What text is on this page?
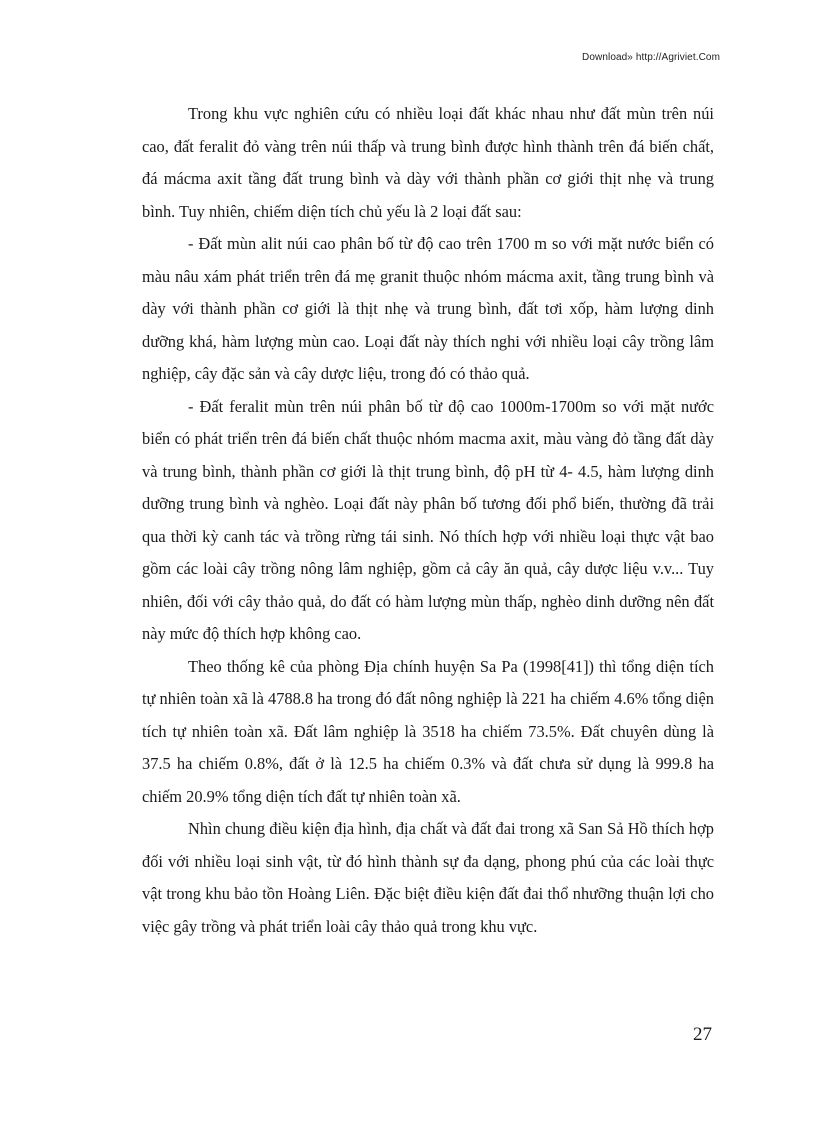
Download» http://Agriviet.Com

Trong khu vực nghiên cứu có nhiều loại đất khác nhau như đất mùn trên núi cao, đất feralit đỏ vàng trên núi thấp và trung bình được hình thành trên đá biến chất, đá mácma axit tầng đất trung bình và dày với thành phần cơ giới thịt nhẹ và trung bình. Tuy nhiên, chiếm diện tích chủ yếu là 2 loại đất sau:

- Đất mùn alit núi cao phân bố từ độ cao trên 1700 m so với mặt nước biển có màu nâu xám phát triển trên đá mẹ granit thuộc nhóm mácma axit, tầng trung bình và dày với thành phần cơ giới là thịt nhẹ và trung bình, đất tơi xốp, hàm lượng dinh dưỡng khá, hàm lượng mùn cao. Loại đất này thích nghi với nhiều loại cây trồng lâm nghiệp, cây đặc sản và cây dược liệu, trong đó có thảo quả.

- Đất feralit mùn trên núi phân bố từ độ cao 1000m-1700m so với mặt nước biển có phát triển trên đá biến chất thuộc nhóm macma axit, màu vàng đỏ tầng đất dày và trung bình, thành phần cơ giới là thịt trung bình, độ pH từ 4- 4.5, hàm lượng dinh dưỡng trung bình và nghèo. Loại đất này phân bố tương đối phổ biến, thường đã trải qua thời kỳ canh tác và trồng rừng tái sinh. Nó thích hợp với nhiều loại thực vật bao gồm các loài cây trồng nông lâm nghiệp, gồm cả cây ăn quả, cây dược liệu v.v... Tuy nhiên, đối với cây thảo quả, do đất có hàm lượng mùn thấp, nghèo dinh dưỡng nên đất này mức độ thích hợp không cao.

Theo thống kê của phòng Địa chính huyện Sa Pa (1998[41]) thì tổng diện tích tự nhiên toàn xã là 4788.8 ha trong đó đất nông nghiệp là 221 ha chiếm 4.6% tổng diện tích tự nhiên toàn xã. Đất lâm nghiệp là 3518 ha chiếm 73.5%. Đất chuyên dùng là 37.5 ha chiếm 0.8%, đất ở là 12.5 ha chiếm 0.3% và đất chưa sử dụng là 999.8 ha chiếm 20.9% tổng diện tích đất tự nhiên toàn xã.

Nhìn chung điều kiện địa hình, địa chất và đất đai trong xã San Sả Hồ thích hợp đối với nhiều loại sinh vật, từ đó hình thành sự đa dạng, phong phú của các loài thực vật trong khu bảo tồn Hoàng Liên. Đặc biệt điều kiện đất đai thổ nhưỡng thuận lợi cho việc gây trồng và phát triển loài cây thảo quả trong khu vực.

27
